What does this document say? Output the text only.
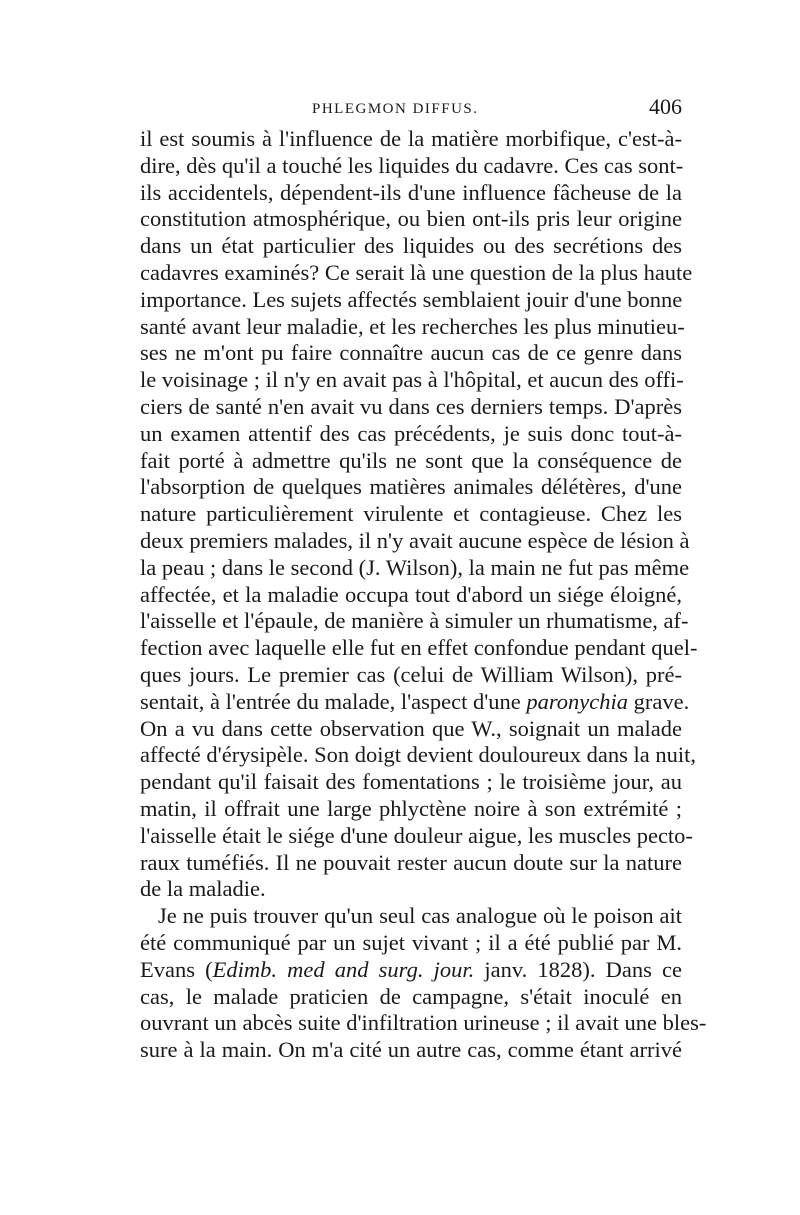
PHLEGMON DIFFUS.	406
il est soumis à l'influence de la matière morbifique, c'est-à-
dire, dès qu'il a touché les liquides du cadavre. Ces cas sont-
ils accidentels, dépendent-ils d'une influence fâcheuse de la
constitution atmosphérique, ou bien ont-ils pris leur origine
dans un état particulier des liquides ou des secrétions des
cadavres examinés? Ce serait là une question de la plus haute
importance. Les sujets affectés semblaient jouir d'une bonne
santé avant leur maladie, et les recherches les plus minutieu-
ses ne m'ont pu faire connaître aucun cas de ce genre dans
le voisinage ; il n'y en avait pas à l'hôpital, et aucun des offi-
ciers de santé n'en avait vu dans ces derniers temps. D'après
un examen attentif des cas précédents, je suis donc tout-à-
fait porté à admettre qu'ils ne sont que la conséquence de
l'absorption de quelques matières animales délétères, d'une
nature particulièrement virulente et contagieuse. Chez les
deux premiers malades, il n'y avait aucune espèce de lésion à
la peau ; dans le second (J. Wilson), la main ne fut pas même
affectée, et la maladie occupa tout d'abord un siége éloigné,
l'aisselle et l'épaule, de manière à simuler un rhumatisme, af-
fection avec laquelle elle fut en effet confondue pendant quel-
ques jours. Le premier cas (celui de William Wilson), pré-
sentait, à l'entrée du malade, l'aspect d'une paronychia grave.
On a vu dans cette observation que W., soignait un malade
affecté d'érysipèle. Son doigt devient douloureux dans la nuit,
pendant qu'il faisait des fomentations ; le troisième jour, au
matin, il offrait une large phlyctène noire à son extrémité ;
l'aisselle était le siége d'une douleur aigue, les muscles pecto-
raux tuméfiés. Il ne pouvait rester aucun doute sur la nature
de la maladie.
Je ne puis trouver qu'un seul cas analogue où le poison ait
été communiqué par un sujet vivant ; il a été publié par M.
Evans (Edimb. med and surg. jour. janv. 1828). Dans ce
cas, le malade praticien de campagne, s'était inoculé en
ouvrant un abcès suite d'infiltration urineuse ; il avait une bles-
sure à la main. On m'a cité un autre cas, comme étant arrivé
